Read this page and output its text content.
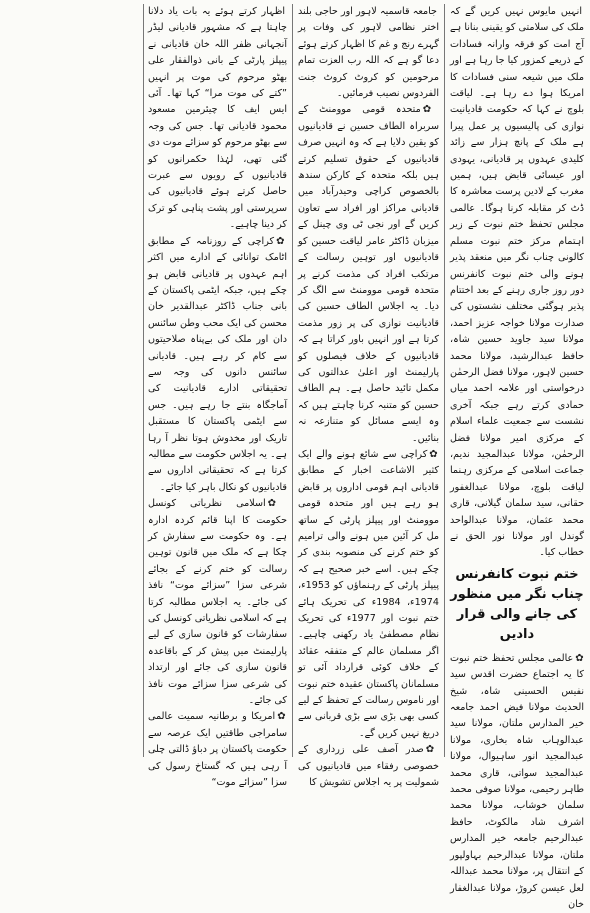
انہیں مایوس نہیں کریں گے کہ ملک کی سلامتی کو یقینی بنانا ہے آج امت کو فرقہ وارانہ فسادات کے ذریعے کمزور کیا جا رہا ہے اور ملک میں شیعہ سنی فسادات کا امریکا ہوا دے رہا ہے۔ لیاقت بلوچ نے کہا کہ حکومت قادیانیت نوازی کی پالیسیوں پر عمل پیرا ہے ملک کے پانچ ہزار سے زائد کلیدی عہدوں پر قادیانی، یہودی اور عیسائی قابض ہیں، ہمیں مغرب کے لادین پرست معاشرہ کا ڈٹ کر مقابلہ کرنا ہوگا۔ عالمی مجلس تحفظ ختم نبوت کے زیر اہتمام مرکز ختم نبوت مسلم کالونی چناب نگر میں منعقد پذیر ہونے والی ختم نبوت کانفرنس دور روز جاری رہنے کے بعد اختتام پذیر ہوگئی مختلف نشستوں کی صدارت مولانا خواجہ عزیز احمد، مولانا سید جاوید حسین شاہ، حافظ عبدالرشید، مولانا محمد حسین لاہور، مولانا فضل الرحمٰن درخواستی اور علامہ احمد میاں حمادی کرتے رہے جبکہ آخری نشست سے جمعیت علماء اسلام کے مرکزی امیر مولانا فضل الرحمٰن، مولانا عبدالمجید ندیم، جماعت اسلامی کے مرکزی رہنما لیاقت بلوچ، مولانا عبدالغفور حقانی، سید سلمان گیلانی، قاری محمد عثمان، مولانا عبدالواحد گوندل اور مولانا نور الحق نے خطاب کیا۔

ختم نبوت کانفرنس چناب نگر میں منظور کی جانے والی قرار دادیں

✿عالمی مجلس تحفظ ختم نبوت کا یہ اجتماع حضرت اقدس سید نفیس الحسینی شاہ، شیخ الحدیث مولانا فیض احمد جامعہ خیر المدارس ملتان، مولانا سید عبدالوہاب شاہ بخاری، مولانا عبدالمجید انور ساہیوال، مولانا عبدالمجید سواتی، قاری محمد طاہر رحیمی، مولانا صوفی محمد سلمان خوشاب، مولانا محمد اشرف شاد مالکوٹ، حافظ عبدالرحیم جامعہ خیر المدارس ملتان، مولانا عبدالرحیم بہاولپور کے انتقال پر، مولانا محمد عبداللہ لعل عیسن کروڑ، مولانا عبدالغفار خان

جامعہ قاسمیہ لاہور اور حاجی بلند اختر نظامی لاہور کی وفات پر گہرے رنج و غم کا اظہار کرتے ہوئے دعا گو ہے کہ اللہ رب العزت تمام مرحومین کو کروٹ کروٹ جنت الفردوس نصیب فرمائیں۔

✿متحدہ قومی موومنٹ کے سربراہ الطاف حسین نے قادیانیوں کو یقین دلایا ہے کہ وہ انہیں صرف قادیانیوں کے حقوق تسلیم کرتے ہیں بلکہ متحدہ کے کارکن سندھ بالخصوص کراچی وحیدرآباد میں قادیانی مراکز اور افراد سے تعاون کریں گے اور نجی ٹی وی چینل کے میزبان ڈاکٹر عامر لیاقت حسین کو قادیانیوں اور توہین رسالت کے مرتکب افراد کی مذمت کرنے پر متحدہ قومی موومنٹ سے الگ کر دیا۔ یہ اجلاس الطاف حسین کی قادیانیت نوازی کی پر زور مذمت کرتا ہے اور انہیں باور کراتا ہے کہ قادیانیوں کے خلاف فیصلوں کو پارلیمنٹ اور اعلیٰ عدالتوں کی مکمل تائید حاصل ہے۔ ہم الطاف حسین کو متنبہ کرنا چاہتے ہیں کہ وہ ایسے مسائل کو متنازعہ نہ بنائیں۔

✿کراچی سے شائع ہونے والے ایک کثیر الاشاعت اخبار کے مطابق قادیانی اہم قومی اداروں پر قابض ہو رہے ہیں اور متحدہ قومی موومنٹ اور پیپلز پارٹی کے ساتھ مل کر آئین میں ہونے والی ترامیم کو ختم کرنے کی منصوبہ بندی کر چکے ہیں۔ اسے خبر صحیح ہے کہ پیپلز پارٹی کے رہنماؤں کو 1953ء، 1974ء، 1984ء کی تحریک ہائے ختم نبوت اور 1977ء کی تحریک نظام مصطفیٰ یاد رکھنی چاہیے۔ اگر مسلمان عالم کے متفقہ عقائد کے خلاف کوئی قرارداد آئی تو مسلمانان پاکستان عقیدہ ختم نبوت اور ناموس رسالت کے تحفظ کے لیے کسی بھی بڑی سے بڑی قربانی سے دریغ نہیں کریں گے۔

✿صدر آصف علی زرداری کے خصوصی رفقاء میں قادیانیوں کی شمولیت پر یہ اجلاس تشویش کا

اظہار کرتے ہوئے یہ بات یاد دلانا چاہتا ہے کہ مشہور قادیانی لیڈر آنجہانی ظفر اللہ خان قادیانی نے پیپلز پارٹی کے بانی ذوالفقار علی بھٹو مرحوم کی موت پر انہیں ”کتے کی موت مرا“ کہا تھا۔ آئی ایس ایف کا چیئرمین مسعود محمود قادیانی تھا۔ جس کی وجہ سے بھٹو مرحوم کو سزائے موت دی گئی تھی، لہٰذا حکمرانوں کو قادیانیوں کے رویوں سے عبرت حاصل کرتے ہوئے قادیانیوں کی سرپرستی اور پشت پناہی کو ترک کر دینا چاہیے۔

✿کراچی کے روزنامہ کے مطابق اٹامک توانائی کے ادارے میں اکثر اہم عہدوں پر قادیانی قابض ہو چکے ہیں، جبکہ ایٹمی پاکستان کے بانی جناب ڈاکٹر عبدالقدیر خان محسن کی ایک محب وطن سائنس دان اور ملک کی بےپناہ صلاحیتوں سے کام کر رہے ہیں۔ قادیانی سائنس دانوں کی وجہ سے تحقیقاتی ادارے قادیانیت کی آماجگاہ بنتے جا رہے ہیں۔ جس سے ایٹمی پاکستان کا مستقبل تاریک اور مخدوش ہوتا نظر آ رہا ہے۔ یہ اجلاس حکومت سے مطالبہ کرتا ہے کہ تحقیقاتی اداروں سے قادیانیوں کو نکال باہر کیا جائے۔

✿اسلامی نظریاتی کونسل حکومت کا اپنا قائم کردہ ادارہ ہے۔ وہ حکومت سے سفارش کر چکا ہے کہ ملک میں قانون توہین رسالت کو ختم کرنے کے بجائے شرعی سزا ”سزائے موت“ نافذ کی جائے۔ یہ اجلاس مطالبہ کرتا ہے کہ اسلامی نظریاتی کونسل کی سفارشات کو قانون سازی کے لیے پارلیمنٹ میں پیش کر کے باقاعدہ قانون سازی کی جائے اور ارتداد کی شرعی سزا سزائے موت نافذ کی جائے۔

✿امریکا و برطانیہ سمیت عالمی سامراجی طاقتیں ایک عرصہ سے حکومت پاکستان پر دباؤ ڈالتی چلی آ رہی ہیں کہ گستاخ رسول کی سزا ”سزائے موت“
